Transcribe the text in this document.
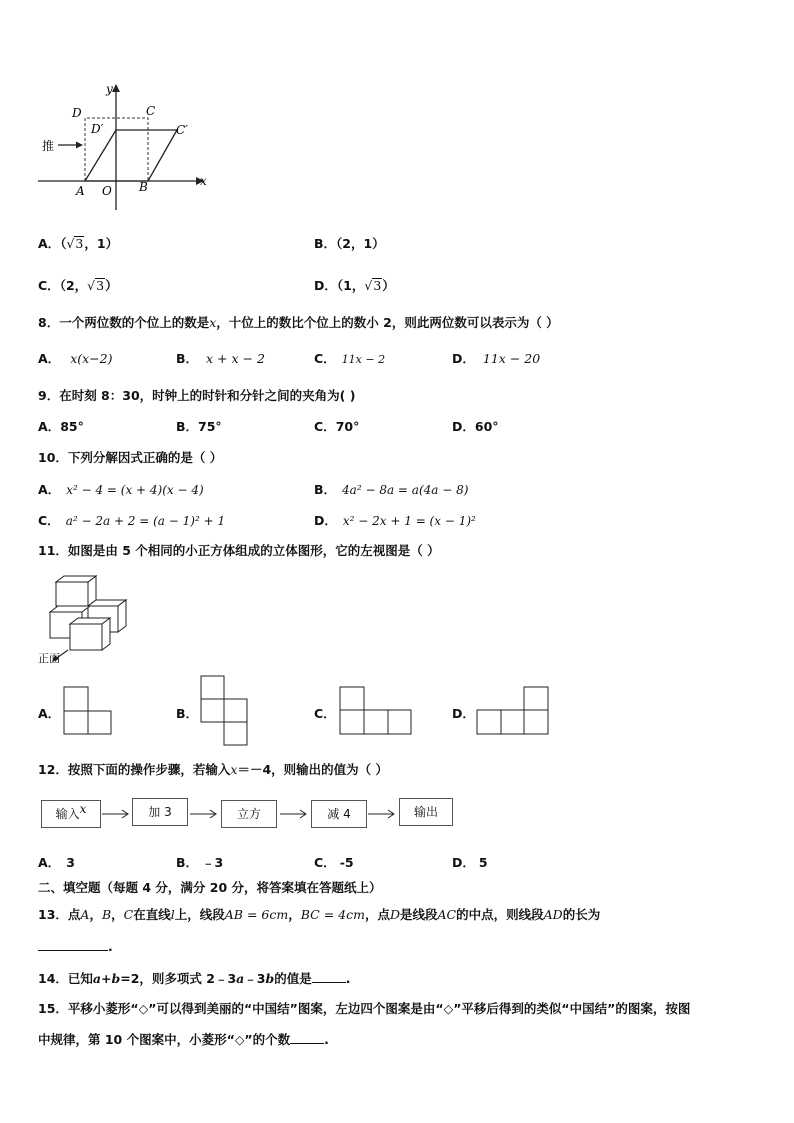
y
x
D	C
D′	C′
推
A O B
A．（√3，1）	B．（2，1）
C．（2，√3）	D．（1，√3）
8．一个两位数的个位上的数是x，十位上的数比个位上的数小 2，则此两位数可以表示为（ ）
A． x(x−2)	B． x + x − 2	C． 11x − 2	D． 11x − 20
9．在时刻 8：30，时钟上的时针和分针之间的夹角为( )
A．85°	B．75°	C．70°	D．60°
10．下列分解因式正确的是（ ）
A． x² − 4 = (x + 4)(x − 4)	B． 4a² − 8a = a(4a − 8)
C． a² − 2a + 2 = (a − 1)² + 1	D． x² − 2x + 1 = (x − 1)²
11．如图是由 5 个相同的小正方体组成的立体图形，它的左视图是（ ）
正面
A．	B．	C．	D．
12．按照下面的操作步骤，若输入x＝－4，则输出的值为（ ）
输入x	加 3	立方	减 4	输出
A． 3	B． ﹣3	C． -5	D． 5
二、填空题（每题 4 分，满分 20 分，将答案填在答题纸上）
13．点A，B，C在直线l上，线段AB = 6cm，BC = 4cm，点D是线段AC的中点，则线段AD的长为
.
14．已知a+b=2，则多项式 2﹣3a﹣3b的值是	.
15．平移小菱形“◇”可以得到美丽的“中国结”图案，左边四个图案是由“◇”平移后得到的类似“中国结”的图案，按图
中规律，第 10 个图案中，小菱形“◇”的个数	.
